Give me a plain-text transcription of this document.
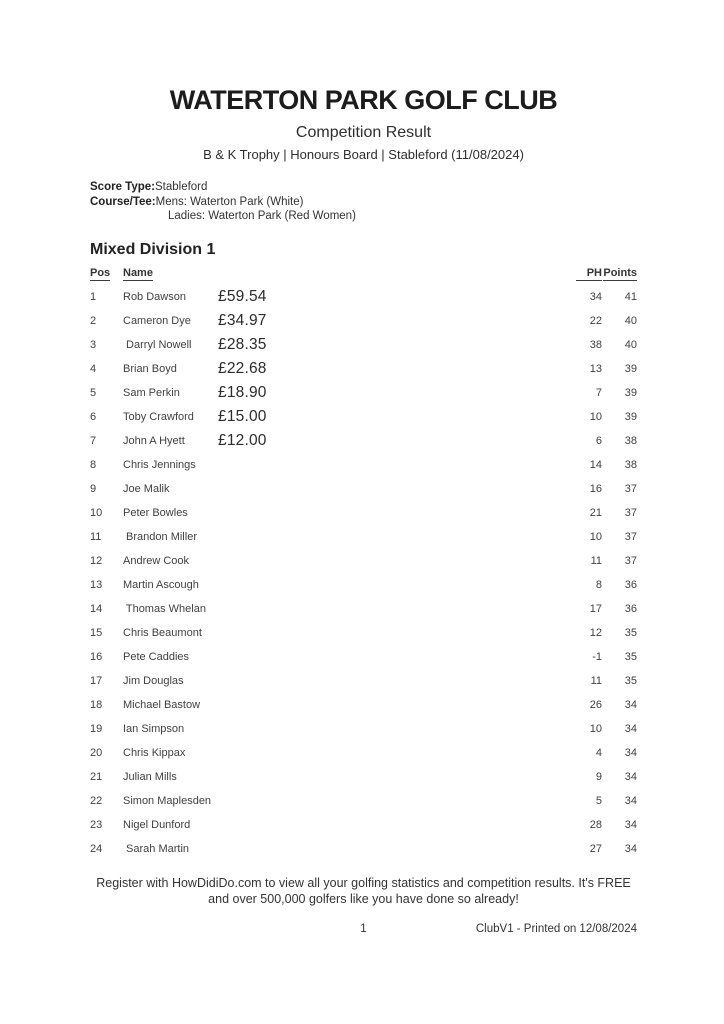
WATERTON PARK GOLF CLUB
Competition Result
B & K Trophy | Honours Board | Stableford (11/08/2024)
Score Type:Stableford
Course/Tee:Mens: Waterton Park (White)
Ladies: Waterton Park (Red Women)
Mixed Division 1
Pos	Name	PH Points
1	Rob Dawson	£59.54	34	41
2	Cameron Dye	£34.97	22	40
3	Darryl Nowell	£28.35	38	40
4	Brian Boyd	£22.68	13	39
5	Sam Perkin	£18.90	7	39
6	Toby Crawford	£15.00	10	39
7	John A Hyett	£12.00	6	38
8	Chris Jennings	14	38
9	Joe Malik	16	37
10	Peter Bowles	21	37
11	Brandon Miller	10	37
12	Andrew Cook	11	37
13	Martin Ascough	8	36
14	Thomas Whelan	17	36
15	Chris Beaumont	12	35
16	Pete Caddies	-1	35
17	Jim Douglas	11	35
18	Michael Bastow	26	34
19	Ian Simpson	10	34
20	Chris Kippax	4	34
21	Julian Mills	9	34
22	Simon Maplesden	5	34
23	Nigel Dunford	28	34
24	Sarah Martin	27	34
Register with HowDidiDo.com to view all your golfing statistics and competition results. It's FREE
and over 500,000 golfers like you have done so already!
1	ClubV1 - Printed on 12/08/2024
